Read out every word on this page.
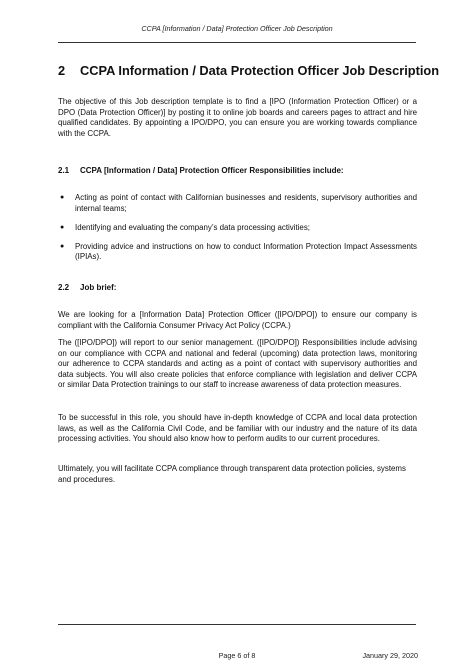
CCPA [Information / Data] Protection Officer Job Description
2 CCPA Information / Data Protection Officer Job Description
The objective of this Job description template is to find a [IPO (Information Protection Officer) or a DPO (Data Protection Officer)] by posting it to online job boards and careers pages to attract and hire qualified candidates. By appointing a IPO/DPO, you can ensure you are working towards compliance with the CCPA.
2.1 CCPA [Information / Data] Protection Officer Responsibilities include:
● Acting as point of contact with Californian businesses and residents, supervisory authorities and internal teams;
● Identifying and evaluating the company’s data processing activities;
● Providing advice and instructions on how to conduct Information Protection Impact Assessments (IPIAs).
2.2 Job brief:
We are looking for a [Information Data] Protection Officer ([IPO/DPO]) to ensure our company is compliant with the California Consumer Privacy Act Policy (CCPA.)
The ([IPO/DPO]) will report to our senior management. ([IPO/DPO]) Responsibilities include advising on our compliance with CCPA and national and federal (upcoming) data protection laws, monitoring our adherence to CCPA standards and acting as a point of contact with supervisory authorities and data subjects. You will also create policies that enforce compliance with legislation and deliver CCPA or similar Data Protection trainings to our staff to increase awareness of data protection measures.
To be successful in this role, you should have in-depth knowledge of CCPA and local data protection laws, as well as the California Civil Code, and be familiar with our industry and the nature of its data processing activities. You should also know how to perform audits to our current procedures.
Ultimately, you will facilitate CCPA compliance through transparent data protection policies, systems and procedures.
Page 6 of 8	January 29, 2020
